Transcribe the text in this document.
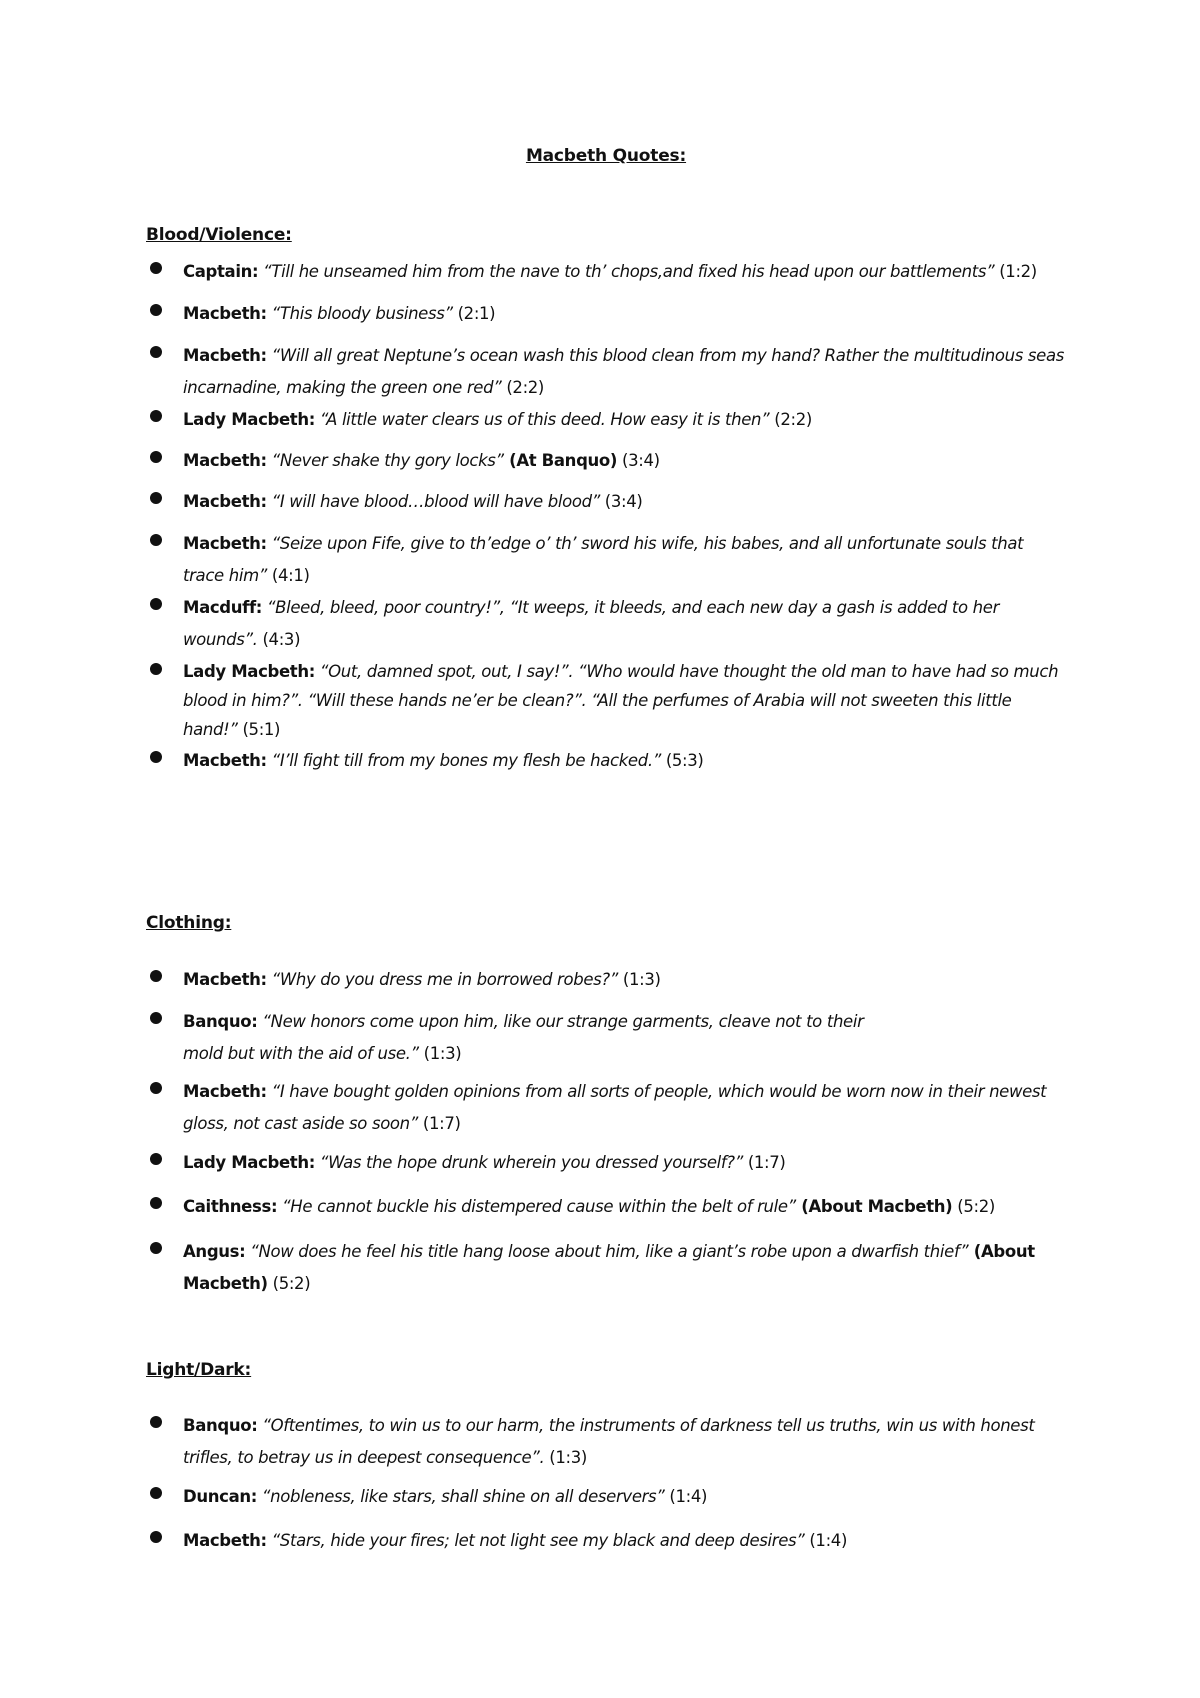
Macbeth Quotes:
Blood/Violence:
Captain: “Till he unseamed him from the nave to th’ chops,and fixed his head upon our battlements” (1:2)
Macbeth: “This bloody business” (2:1)
Macbeth: “Will all great Neptune’s ocean wash this blood clean from my hand? Rather the multitudinous seas incarnadine, making the green one red” (2:2)
Lady Macbeth: “A little water clears us of this deed. How easy it is then” (2:2)
Macbeth: “Never shake thy gory locks” (At Banquo) (3:4)
Macbeth: “I will have blood…blood will have blood” (3:4)
Macbeth: “Seize upon Fife, give to th’edge o’ th’ sword his wife, his babes, and all unfortunate souls that trace him” (4:1)
Macduff: “Bleed, bleed, poor country!”, “It weeps, it bleeds, and each new day a gash is added to her wounds”. (4:3)
Lady Macbeth: “Out, damned spot, out, I say!”. “Who would have thought the old man to have had so much blood in him?”. “Will these hands ne’er be clean?”. “All the perfumes of Arabia will not sweeten this little hand!” (5:1)
Macbeth: “I’ll fight till from my bones my flesh be hacked.” (5:3)
Clothing:
Macbeth: “Why do you dress me in borrowed robes?” (1:3)
Banquo: “New honors come upon him, like our strange garments, cleave not to their mold but with the aid of use.” (1:3)
Macbeth: “I have bought golden opinions from all sorts of people, which would be worn now in their newest gloss, not cast aside so soon” (1:7)
Lady Macbeth: “Was the hope drunk wherein you dressed yourself?” (1:7)
Caithness: “He cannot buckle his distempered cause within the belt of rule” (About Macbeth) (5:2)
Angus: “Now does he feel his title hang loose about him, like a giant’s robe upon a dwarfish thief” (About Macbeth) (5:2)
Light/Dark:
Banquo: “Oftentimes, to win us to our harm, the instruments of darkness tell us truths, win us with honest trifles, to betray us in deepest consequence”. (1:3)
Duncan: “nobleness, like stars, shall shine on all deservers” (1:4)
Macbeth: “Stars, hide your fires; let not light see my black and deep desires” (1:4)
